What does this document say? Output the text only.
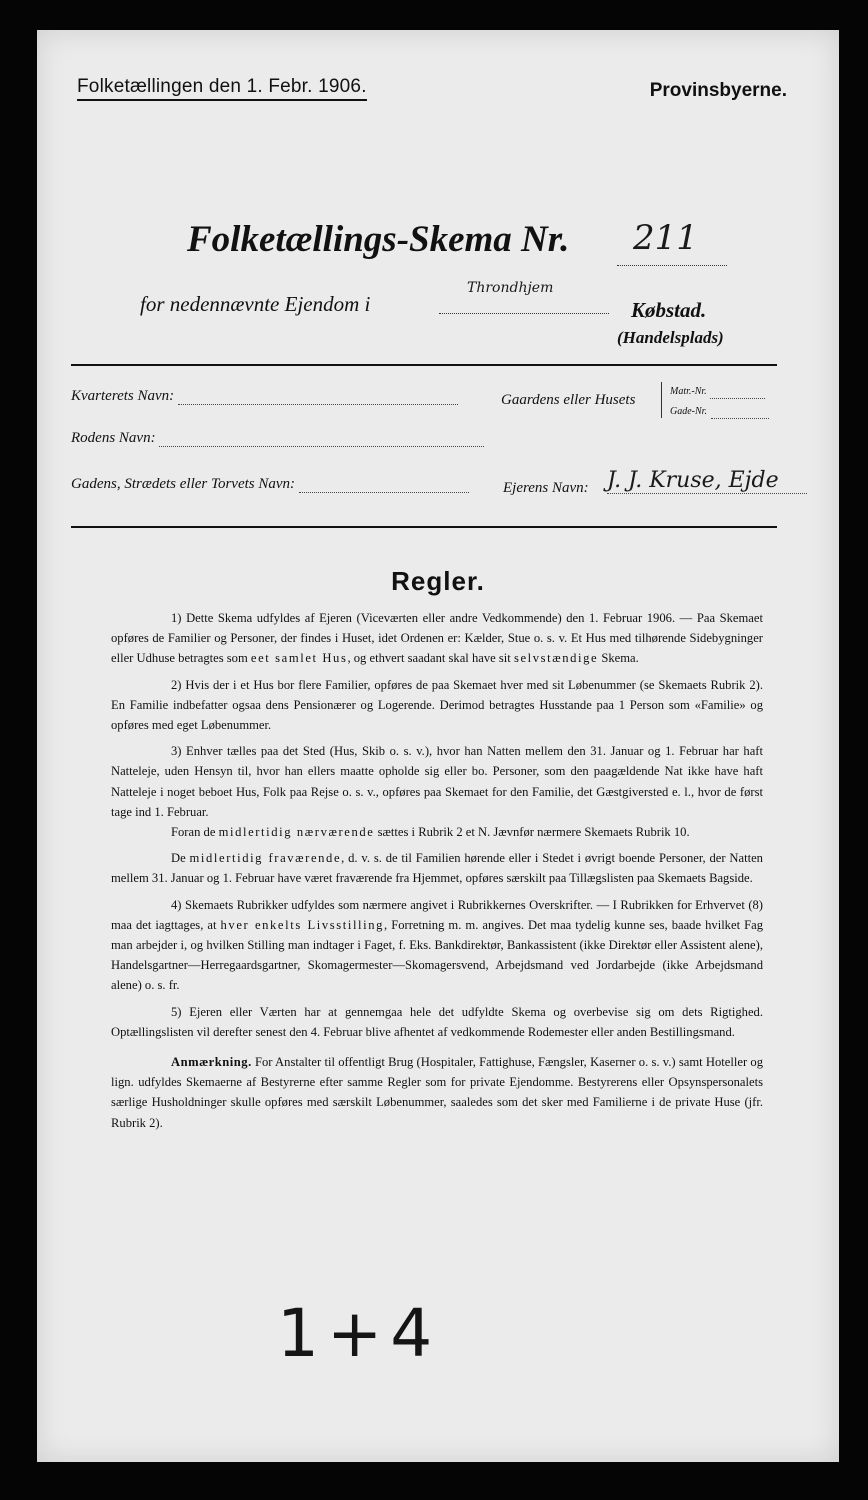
Folketællingen den 1. Febr. 1906.	Provinsbyerne.
Folketællings-Skema Nr.	211
for nedennævnte Ejendom i
Throndhjem
Købstad.
(Handelsplads)
Kvarterets Navn:	Gaardens eller Husets
Matr.-Nr.
Gade-Nr.
Rodens Navn:
Gadens, Strædets eller Torvets Navn:	Ejerens Navn: J. J. Kruse, Ejde
Regler.

1) Dette Skema udfyldes af Ejeren (Viceværten eller andre Vedkommende) den 1. Februar 1906. — Paa Skemaet opføres de Familier og Personer, der findes i Huset, idet Ordenen er: Kælder, Stue o. s. v. Et Hus med tilhørende Sidebygninger eller Udhuse betragtes som eet samlet Hus, og ethvert saadant skal have sit selvstændige Skema.

2) Hvis der i et Hus bor flere Familier, opføres de paa Skemaet hver med sit Løbenummer (se Skemaets Rubrik 2). En Familie indbefatter ogsaa dens Pensionærer og Logerende. Derimod betragtes Husstande paa 1 Person som «Familie» og opføres med eget Løbenummer.

3) Enhver tælles paa det Sted (Hus, Skib o. s. v.), hvor han Natten mellem den 31. Januar og 1. Februar har haft Natteleje, uden Hensyn til, hvor han ellers maatte opholde sig eller bo. Personer, som den paagældende Nat ikke have haft Natteleje i noget beboet Hus, Folk paa Rejse o. s. v., opføres paa Skemaet for den Familie, det Gæstgiversted e. l., hvor de først tage ind 1. Februar.

Foran de midlertidig nærværende sættes i Rubrik 2 et N. Jævnfør nærmere Skemaets Rubrik 10.

De midlertidig fraværende, d. v. s. de til Familien hørende eller i Stedet i øvrigt boende Personer, der Natten mellem 31. Januar og 1. Februar have været fraværende fra Hjemmet, opføres særskilt paa Tillægslisten paa Skemaets Bagside.

4) Skemaets Rubrikker udfyldes som nærmere angivet i Rubrikkernes Overskrifter. — I Rubrikken for Erhvervet (8) maa det iagttages, at hver enkelts Livsstilling, Forretning m. m. angives. Det maa tydelig kunne ses, baade hvilket Fag man arbejder i, og hvilken Stilling man indtager i Faget, f. Eks. Bankdirektør, Bankassistent (ikke Direktør eller Assistent alene), Handelsgartner—Herregaardsgartner, Skomagermester—Skomagersvend, Arbejdsmand ved Jordarbejde (ikke Arbejdsmand alene) o. s. fr.

5) Ejeren eller Værten har at gennemgaa hele det udfyldte Skema og overbevise sig om dets Rigtighed. Optællingslisten vil derefter senest den 4. Februar blive afhentet af vedkommende Rodemester eller anden Bestillingsmand.

Anmærkning. For Anstalter til offentligt Brug (Hospitaler, Fattighuse, Fængsler, Kaserner o. s. v.) samt Hoteller og lign. udfyldes Skemaerne af Bestyrerne efter samme Regler som for private Ejendomme. Bestyrerens eller Opsynspersonalets særlige Husholdninger skulle opføres med særskilt Løbenummer, saaledes som det sker med Familierne i de private Huse (jfr. Rubrik 2).

1+4
